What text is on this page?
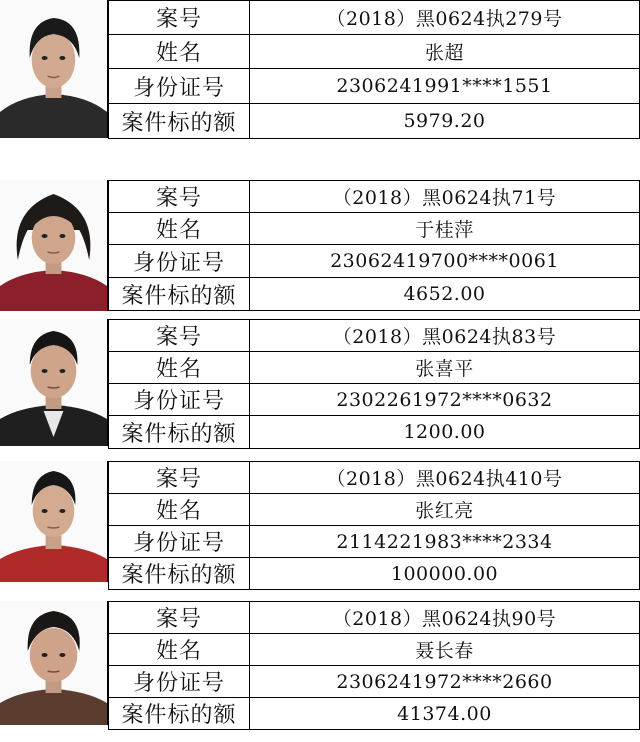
案号	（2018）黑0624执279号
姓名	张超
身份证号	2306241991****1551
案件标的额	5979.20
案号	（2018）黑0624执71号
姓名	于桂萍
身份证号	23062419700****0061
案件标的额	4652.00
案号	（2018）黑0624执83号
姓名	张喜平
身份证号	2302261972****0632
案件标的额	1200.00
案号	（2018）黑0624执410号
姓名	张红亮
身份证号	2114221983****2334
案件标的额	100000.00
案号	（2018）黑0624执90号
姓名	聂长春
身份证号	2306241972****2660
案件标的额	41374.00
